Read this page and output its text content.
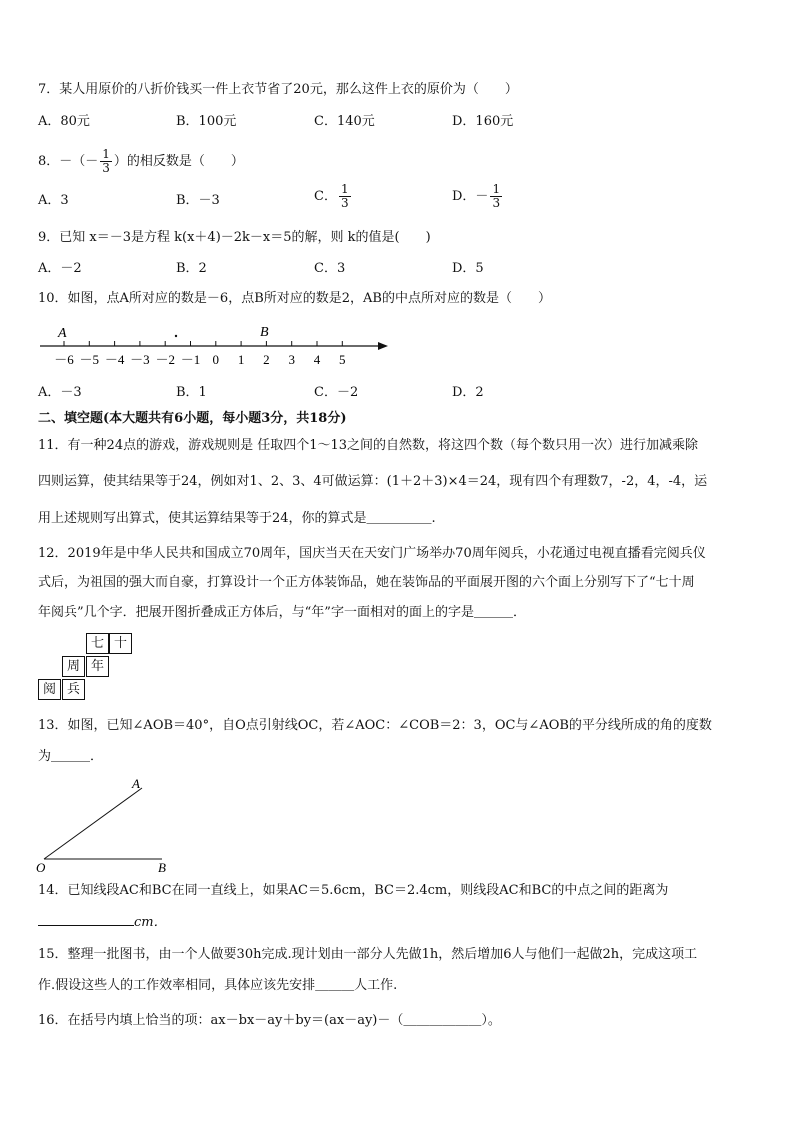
7．某人用原价的八折价钱买一件上衣节省了20元，那么这件上衣的原价为（　　）
A．80元	B．100元	C．140元	D．160元
8．－（－ $\frac{1}{3}$ ）的相反数是（　　）
A．3	B．－3	C． $\frac{1}{3}$	D．－ $\frac{1}{3}$
9．已知 x＝－3是方程 k(x＋4)－2k－x＝5的解，则 k的值是(　　)
A．－2	B．2	C．3	D．5
10．如图，点A所对应的数是－6，点B所对应的数是2，AB的中点所对应的数是（　　）
－6 －5 －4 －3 －2 －1 0 1 2 3 4 5
A	B
A．－3	B．1	C．－2	D．2
二、填空题(本大题共有6小题，每小题3分，共18分)
11．有一种24点的游戏，游戏规则是 任取四个1～13之间的自然数，将这四个数（每个数只用一次）进行加减乘除
四则运算，使其结果等于24，例如对1、2、3、4可做运算：(1＋2＋3)×4＝24，现有四个有理数7，-2，4，-4，运
用上述规则写出算式，使其运算结果等于24，你的算式是＿＿＿＿＿.
12．2019年是中华人民共和国成立70周年，国庆当天在天安门广场举办70周年阅兵，小花通过电视直播看完阅兵仪
式后，为祖国的强大而自豪，打算设计一个正方体装饰品，她在装饰品的平面展开图的六个面上分别写下了“七十周
年阅兵”几个字．把展开图折叠成正方体后，与“年”字一面相对的面上的字是＿＿＿．
七 十
周 年
阅 兵
13．如图，已知∠AOB＝40°，自O点引射线OC，若∠AOC：∠COB＝2：3，OC与∠AOB的平分线所成的角的度数
为＿＿＿．
A
O	B
14．已知线段AC和BC在同一直线上，如果AC＝5.6cm，BC＝2.4cm，则线段AC和BC的中点之间的距离为
cm．
15．整理一批图书，由一个人做要30h完成.现计划由一部分人先做1h，然后增加6人与他们一起做2h，完成这项工
作.假设这些人的工作效率相同，具体应该先安排＿＿＿人工作.
16．在括号内填上恰当的项：ax－bx－ay＋by＝(ax－ay)－（＿＿＿＿＿＿）。
